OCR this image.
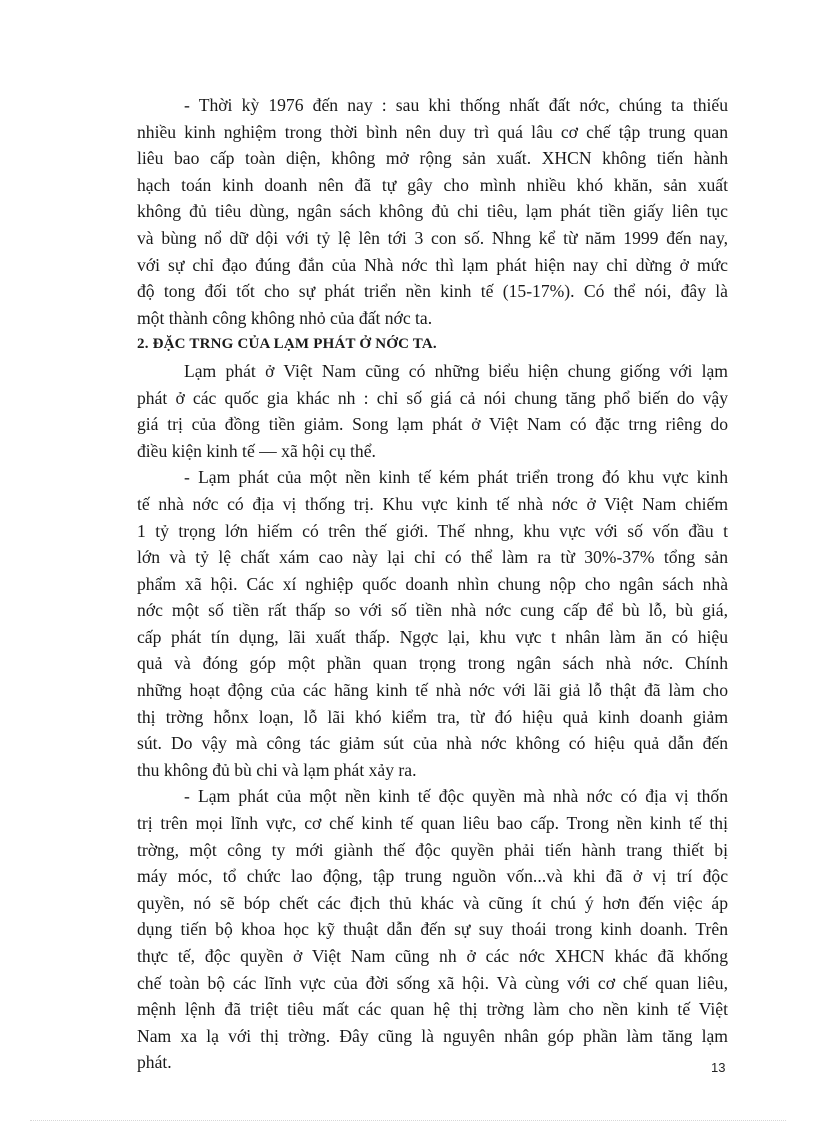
- Thời kỳ 1976 đến nay : sau khi thống nhất đất nớc, chúng ta thiếu
nhiều kinh nghiệm trong thời bình nên duy trì quá lâu cơ chế tập trung quan
liêu bao cấp toàn diện, không mở rộng sản xuất. XHCN không tiến hành
hạch toán kinh doanh nên đã tự gây cho mình nhiều khó khăn, sản xuất
không đủ tiêu dùng, ngân sách không đủ chi tiêu, lạm phát tiền giấy liên tục
và bùng nổ dữ dội với tỷ lệ lên tới 3 con số. Nhng kể từ năm 1999 đến nay,
với sự chỉ đạo đúng đắn của Nhà nớc thì lạm phát hiện nay chỉ dừng ở mức
độ tong đối tốt cho sự phát triển nền kinh tế (15-17%). Có thể nói, đây là
một thành công không nhỏ của đất nớc ta.
2. ĐẶC TRNG CỦA LẠM PHÁT Ở NỚC TA.
Lạm phát ở Việt Nam cũng có những biểu hiện chung giống với lạm
phát ở các quốc gia khác nh : chỉ số giá cả nói chung tăng phổ biến do vậy
giá trị của đồng tiền giảm. Song lạm phát ở Việt Nam có đặc trng riêng do
điều kiện kinh tế — xã hội cụ thể.
- Lạm phát của một nền kinh tế kém phát triển trong đó khu vực kinh
tế nhà nớc có địa vị thống trị. Khu vực kinh tế nhà nớc ở Việt Nam chiếm
1 tỷ trọng lớn hiếm có trên thế giới. Thế nhng, khu vực với số vốn đầu t
lớn và tỷ lệ chất xám cao này lại chỉ có thể làm ra từ 30%-37% tổng sản
phẩm xã hội. Các xí nghiệp quốc doanh nhìn chung nộp cho ngân sách nhà
nớc một số tiền rất thấp so với số tiền nhà nớc cung cấp để bù lỗ, bù giá,
cấp phát tín dụng, lãi xuất thấp. Ngợc lại, khu vực t nhân làm ăn có hiệu
quả và đóng góp một phần quan trọng trong ngân sách nhà nớc. Chính
những hoạt động của các hãng kinh tế nhà nớc với lãi giả lỗ thật đã làm cho
thị trờng hỗnx loạn, lỗ lãi khó kiểm tra, từ đó hiệu quả kinh doanh giảm
sút. Do vậy mà công tác giảm sút của nhà nớc không có hiệu quả dẫn đến
thu không đủ bù chi và lạm phát xảy ra.
- Lạm phát của một nền kinh tế độc quyền mà nhà nớc có địa vị thốn
trị trên mọi lĩnh vực, cơ chế kinh tế quan liêu bao cấp. Trong nền kinh tế thị
trờng, một công ty mới giành thế độc quyền phải tiến hành trang thiết bị
máy móc, tổ chức lao động, tập trung nguồn vốn...và khi đã ở vị trí độc
quyền, nó sẽ bóp chết các địch thủ khác và cũng ít chú ý hơn đến việc áp
dụng tiến bộ khoa học kỹ thuật dẫn đến sự suy thoái trong kinh doanh. Trên
thực tế, độc quyền ở Việt Nam cũng nh ở các nớc XHCN khác đã khống
chế toàn bộ các lĩnh vực của đời sống xã hội. Và cùng với cơ chế quan liêu,
mệnh lệnh đã triệt tiêu mất các quan hệ thị trờng làm cho nền kinh tế Việt
Nam xa lạ với thị trờng. Đây cũng là nguyên nhân góp phần làm tăng lạm
phát.	13
